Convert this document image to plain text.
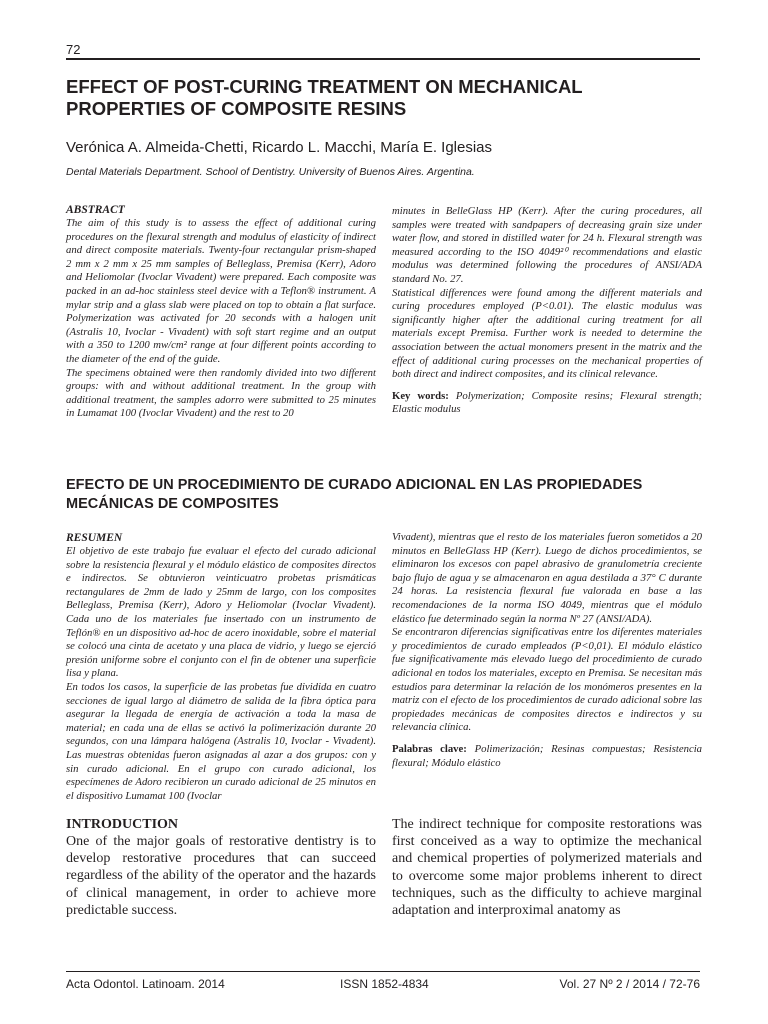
72
EFFECT OF POST-CURING TREATMENT ON MECHANICAL PROPERTIES OF COMPOSITE RESINS
Verónica A. Almeida-Chetti, Ricardo L. Macchi, María E. Iglesias
Dental Materials Department. School of Dentistry. University of Buenos Aires. Argentina.
ABSTRACT

The aim of this study is to assess the effect of additional curing procedures on the flexural strength and modulus of elasticity of indirect and direct composite materials. Twenty-four rectangular prism-shaped 2 mm x 2 mm x 25 mm samples of Belleglass, Premisa (Kerr), Adoro and Heliomolar (Ivoclar Vivadent) were prepared. Each composite was packed in an ad-hoc stainless steel device with a Teflon® instrument. A mylar strip and a glass slab were placed on top to obtain a flat surface. Polymerization was activated for 20 seconds with a halogen unit (Astralis 10, Ivoclar - Vivadent) with soft start regime and an output with a 350 to 1200 mw/cm² range at four different points according to the diameter of the end of the guide.

The specimens obtained were then randomly divided into two different groups: with and without additional treatment. In the group with additional treatment, the samples adorro were submitted to 25 minutes in Lumamat 100 (Ivoclar Vivadent) and the rest to 20

minutes in BelleGlass HP (Kerr). After the curing procedures, all samples were treated with sandpapers of decreasing grain size under water flow, and stored in distilled water for 24 h. Flexural strength was measured according to the ISO 4049²⁰ recommendations and elastic modulus was determined following the procedures of ANSI/ADA standard No. 27.

Statistical differences were found among the different materials and curing procedures employed (P<0.01). The elastic modulus was significantly higher after the additional curing treatment for all materials except Premisa. Further work is needed to determine the association between the actual monomers present in the matrix and the effect of additional curing processes on the mechanical properties of both direct and indirect composites, and its clinical relevance.

Key words: Polymerization; Composite resins; Flexural strength; Elastic modulus

EFECTO DE UN PROCEDIMIENTO DE CURADO ADICIONAL EN LAS PROPIEDADES MECÁNICAS DE COMPOSITES
RESUMEN

El objetivo de este trabajo fue evaluar el efecto del curado adicional sobre la resistencia flexural y el módulo elástico de composites directos e indirectos. Se obtuvieron veinticuatro probetas prismáticas rectangulares de 2mm de lado y 25mm de largo, con los composites Belleglass, Premisa (Kerr), Adoro y Heliomolar (Ivoclar Vivadent). Cada uno de los materiales fue insertado con un instrumento de Teflón® en un dispositivo ad-hoc de acero inoxidable, sobre el material se colocó una cinta de acetato y una placa de vidrio, y luego se ejerció presión uniforme sobre el conjunto con el fin de obtener una superficie lisa y plana.

En todos los casos, la superficie de las probetas fue dividida en cuatro secciones de igual largo al diámetro de salida de la fibra óptica para asegurar la llegada de energía de activación a toda la masa de material; en cada una de ellas se activó la polimerización durante 20 segundos, con una lámpara halógena (Astralis 10, Ivoclar - Vivadent). Las muestras obtenidas fueron asignadas al azar a dos grupos: con y sin curado adicional. En el grupo con curado adicional, los especímenes de Adoro recibieron un curado adicional de 25 minutos en el dispositivo Lumamat 100 (Ivoclar

Vivadent), mientras que el resto de los materiales fueron sometidos a 20 minutos en BelleGlass HP (Kerr). Luego de dichos procedimientos, se eliminaron los excesos con papel abrasivo de granulometría creciente bajo flujo de agua y se almacenaron en agua destilada a 37° C durante 24 horas. La resistencia flexural fue valorada en base a las recomendaciones de la norma ISO 4049, mientras que el módulo elástico fue determinado según la norma Nº 27 (ANSI/ADA).

Se encontraron diferencias significativas entre los diferentes materiales y procedimientos de curado empleados (P<0,01). El módulo elástico fue significativamente más elevado luego del procedimiento de curado adicional en todos los materiales, excepto en Premisa. Se necesitan más estudios para determinar la relación de los monómeros presentes en la matriz con el efecto de los procedimientos de curado adicional sobre las propiedades mecánicas de composites directos e indirectos y su relevancia clínica.

Palabras clave: Polimerización; Resinas compuestas; Resistencia flexural; Módulo elástico

INTRODUCTION

One of the major goals of restorative dentistry is to develop restorative procedures that can succeed regardless of the ability of the operator and the hazards of clinical management, in order to achieve more predictable success.

The indirect technique for composite restorations was first conceived as a way to optimize the mechanical and chemical properties of polymerized materials and to overcome some major problems inherent to direct techniques, such as the difficulty to achieve marginal adaptation and interproximal anatomy as

Acta Odontol. Latinoam. 2014	ISSN 1852-4834	Vol. 27 Nº 2 / 2014 / 72-76
